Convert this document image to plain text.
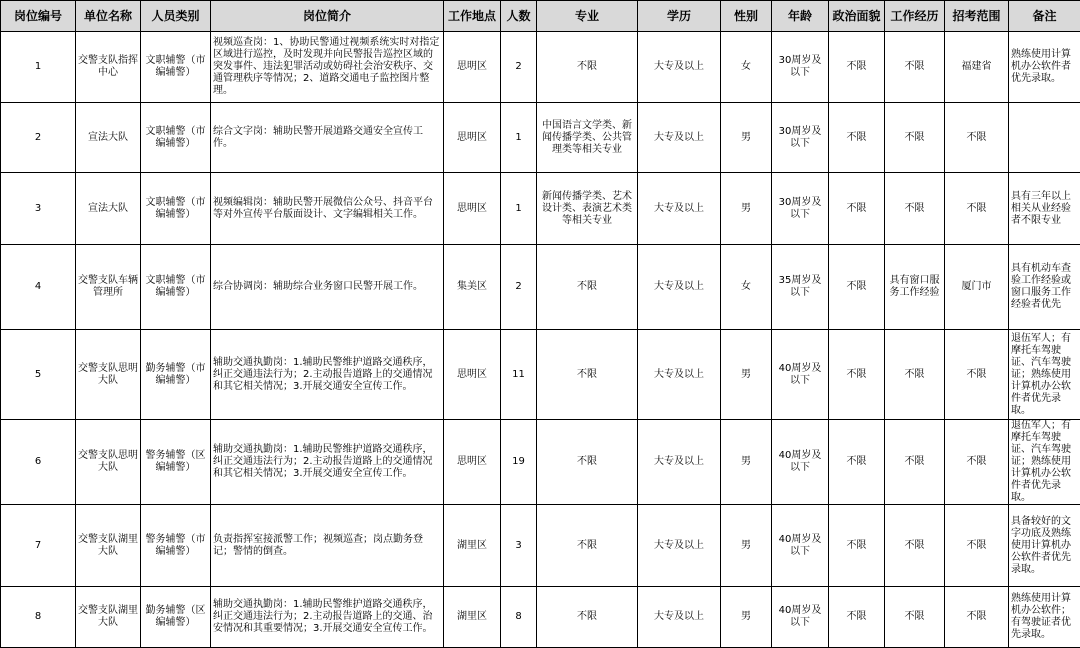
岗位编号	单位名称	人员类别	岗位简介	工作地点	人数	专业	学历	性别	年龄	政治面貌	工作经历	招考范围	备注
1	交警支队指挥中心	文职辅警（市编辅警）	视频巡查岗：1、协助民警通过视频系统实时对指定区域进行巡控，及时发现并向民警报告巡控区域的突发事件、违法犯罪活动或妨碍社会治安秩序、交通管理秩序等情况；2、道路交通电子监控图片整理。	思明区	2	不限	大专及以上	女	30周岁及以下	不限	不限	福建省	熟练使用计算机办公软件者优先录取。
2	宣法大队	文职辅警（市编辅警）	综合文字岗：辅助民警开展道路交通安全宣传工作。	思明区	1	中国语言文学类、新闻传播学类、公共管理类等相关专业	大专及以上	男	30周岁及以下	不限	不限	不限	
3	宣法大队	文职辅警（市编辅警）	视频编辑岗：辅助民警开展微信公众号、抖音平台等对外宣传平台版面设计、文字编辑相关工作。	思明区	1	新闻传播学类、艺术设计类、表演艺术类等相关专业	大专及以上	男	30周岁及以下	不限	不限	不限	具有三年以上相关从业经验者不限专业
4	交警支队车辆管理所	文职辅警（市编辅警）	综合协调岗：辅助综合业务窗口民警开展工作。	集美区	2	不限	大专及以上	女	35周岁及以下	不限	具有窗口服务工作经验	厦门市	具有机动车查验工作经验或窗口服务工作经验者优先
5	交警支队思明大队	勤务辅警（市编辅警）	辅助交通执勤岗：1.辅助民警维护道路交通秩序，纠正交通违法行为；2.主动报告道路上的交通情况和其它相关情况；3.开展交通安全宣传工作。	思明区	11	不限	大专及以上	男	40周岁及以下	不限	不限	不限	退伍军人；有摩托车驾驶证、汽车驾驶证；熟练使用计算机办公软件者优先录取。
6	交警支队思明大队	警务辅警（区编辅警）	辅助交通执勤岗：1.辅助民警维护道路交通秩序，纠正交通违法行为；2.主动报告道路上的交通情况和其它相关情况；3.开展交通安全宣传工作。	思明区	19	不限	大专及以上	男	40周岁及以下	不限	不限	不限	退伍军人；有摩托车驾驶证、汽车驾驶证；熟练使用计算机办公软件者优先录取。
7	交警支队湖里大队	警务辅警（市编辅警）	负责指挥室接派警工作；视频巡查；岗点勤务登记；警情的倒查。	湖里区	3	不限	大专及以上	男	40周岁及以下	不限	不限	不限	具备较好的文字功底及熟练使用计算机办公软件者优先录取。
8	交警支队湖里大队	勤务辅警（区编辅警）	辅助交通执勤岗：1.辅助民警维护道路交通秩序，纠正交通违法行为；2.主动报告道路上的交通、治安情况和其重要情况；3.开展交通安全宣传工作。	湖里区	8	不限	大专及以上	男	40周岁及以下	不限	不限	不限	熟练使用计算机办公软件；有驾驶证者优先录取。
